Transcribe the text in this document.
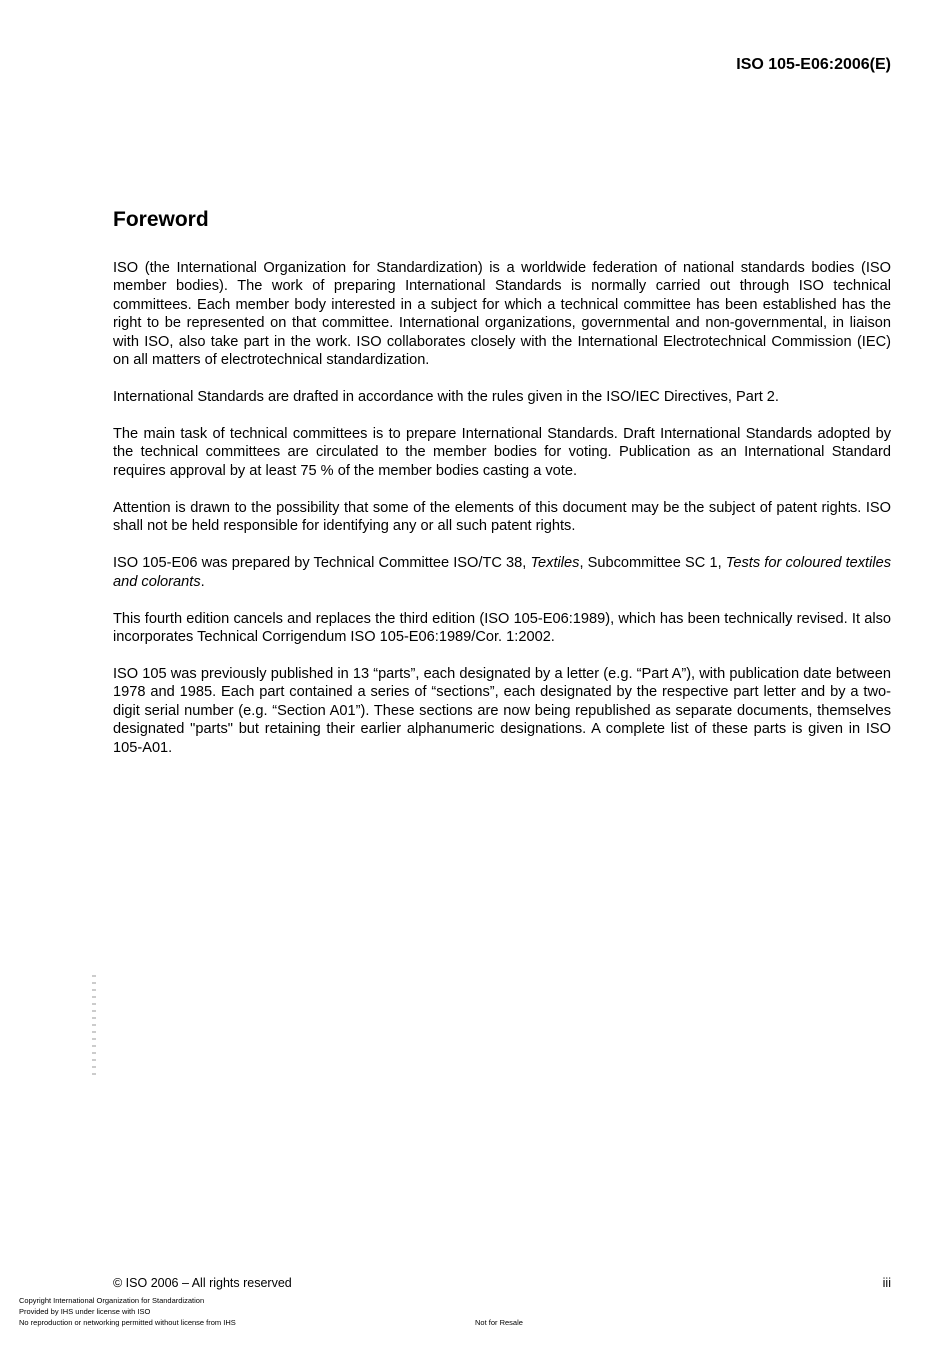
ISO 105-E06:2006(E)
Foreword

ISO (the International Organization for Standardization) is a worldwide federation of national standards bodies (ISO member bodies). The work of preparing International Standards is normally carried out through ISO technical committees. Each member body interested in a subject for which a technical committee has been established has the right to be represented on that committee. International organizations, governmental and non-governmental, in liaison with ISO, also take part in the work. ISO collaborates closely with the International Electrotechnical Commission (IEC) on all matters of electrotechnical standardization.

International Standards are drafted in accordance with the rules given in the ISO/IEC Directives, Part 2.

The main task of technical committees is to prepare International Standards. Draft International Standards adopted by the technical committees are circulated to the member bodies for voting. Publication as an International Standard requires approval by at least 75 % of the member bodies casting a vote.

Attention is drawn to the possibility that some of the elements of this document may be the subject of patent rights. ISO shall not be held responsible for identifying any or all such patent rights.

ISO 105-E06 was prepared by Technical Committee ISO/TC 38, Textiles, Subcommittee SC 1, Tests for coloured textiles and colorants.

This fourth edition cancels and replaces the third edition (ISO 105-E06:1989), which has been technically revised. It also incorporates Technical Corrigendum ISO 105-E06:1989/Cor. 1:2002.

ISO 105 was previously published in 13 “parts”, each designated by a letter (e.g. “Part A”), with publication date between 1978 and 1985. Each part contained a series of “sections”, each designated by the respective part letter and by a two-digit serial number (e.g. “Section A01”). These sections are now being republished as separate documents, themselves designated "parts" but retaining their earlier alphanumeric designations. A complete list of these parts is given in ISO 105-A01.

© ISO 2006 – All rights reserved	iii
Copyright International Organization for Standardization
Provided by IHS under license with ISO
No reproduction or networking permitted without license from IHS	Not for Resale
